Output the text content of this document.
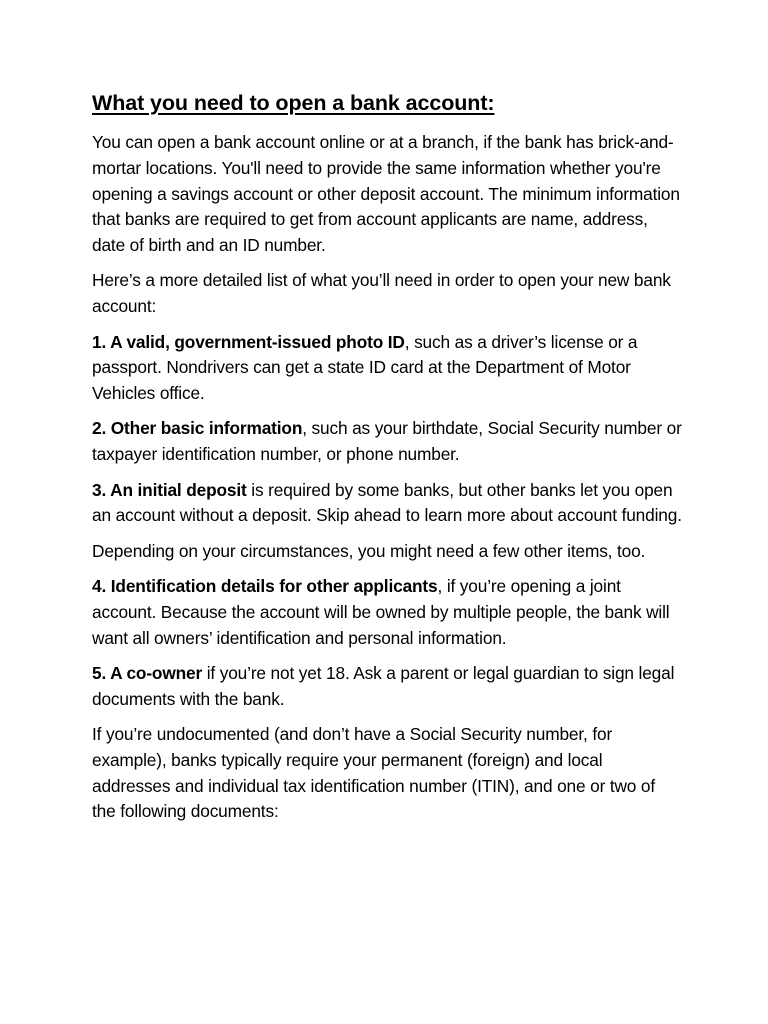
What you need to open a bank account:

You can open a bank account online or at a branch, if the bank has brick-and-mortar locations. You'll need to provide the same information whether you're opening a savings account or other deposit account. The minimum information that banks are required to get from account applicants are name, address, date of birth and an ID number.

Here’s a more detailed list of what you’ll need in order to open your new bank account:

1. A valid, government-issued photo ID, such as a driver’s license or a passport. Nondrivers can get a state ID card at the Department of Motor Vehicles office.

2. Other basic information, such as your birthdate, Social Security number or taxpayer identification number, or phone number.

3. An initial deposit is required by some banks, but other banks let you open an account without a deposit. Skip ahead to learn more about account funding.

Depending on your circumstances, you might need a few other items, too.

4. Identification details for other applicants, if you’re opening a joint account. Because the account will be owned by multiple people, the bank will want all owners’ identification and personal information.

5. A co-owner if you’re not yet 18. Ask a parent or legal guardian to sign legal documents with the bank.

If you’re undocumented (and don’t have a Social Security number, for example), banks typically require your permanent (foreign) and local addresses and individual tax identification number (ITIN), and one or two of the following documents:
